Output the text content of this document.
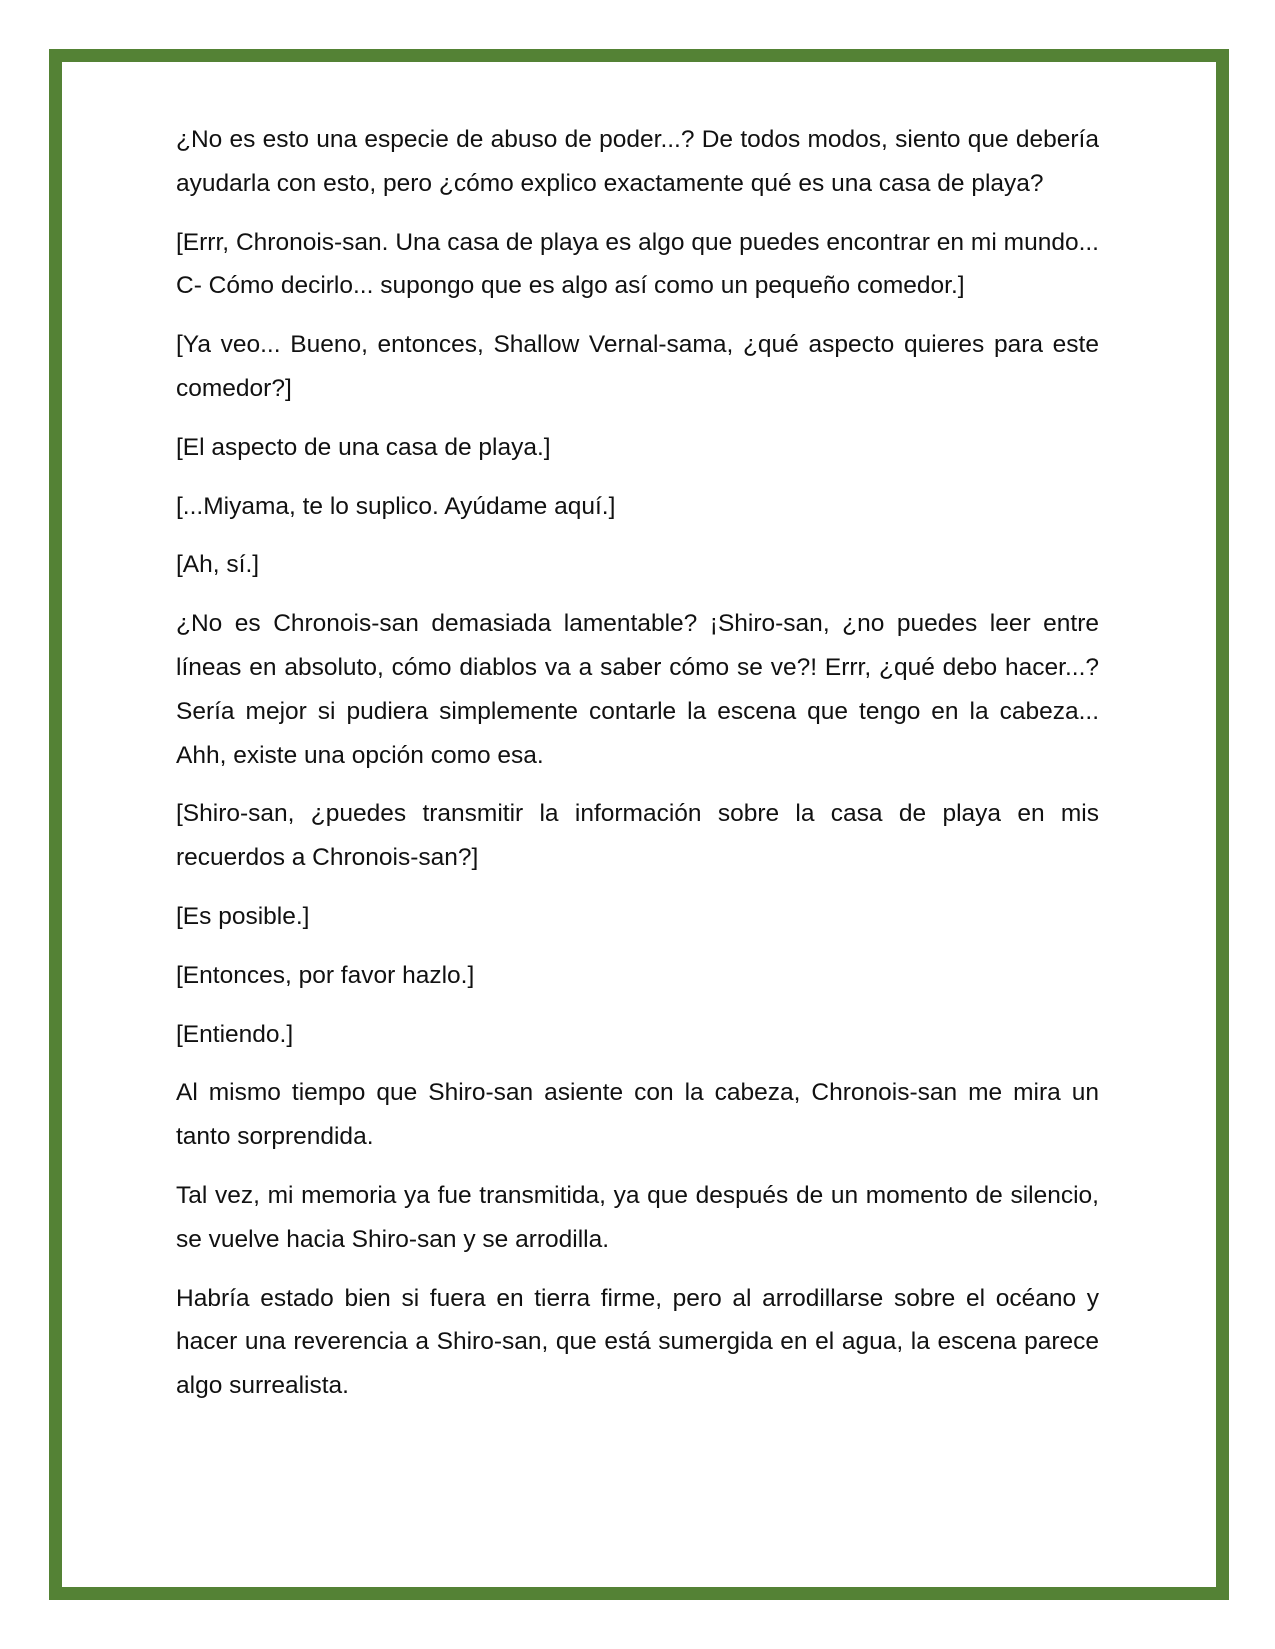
¿No es esto una especie de abuso de poder...? De todos modos, siento que debería ayudarla con esto, pero ¿cómo explico exactamente qué es una casa de playa?

[Errr, Chronois-san. Una casa de playa es algo que puedes encontrar en mi mundo... C- Cómo decirlo... supongo que es algo así como un pequeño comedor.]

[Ya veo... Bueno, entonces, Shallow Vernal-sama, ¿qué aspecto quieres para este comedor?]

[El aspecto de una casa de playa.]

[...Miyama, te lo suplico. Ayúdame aquí.]

[Ah, sí.]

¿No es Chronois-san demasiada lamentable? ¡Shiro-san, ¿no puedes leer entre líneas en absoluto, cómo diablos va a saber cómo se ve?! Errr, ¿qué debo hacer...? Sería mejor si pudiera simplemente contarle la escena que tengo en la cabeza... Ahh, existe una opción como esa.

[Shiro-san, ¿puedes transmitir la información sobre la casa de playa en mis recuerdos a Chronois-san?]

[Es posible.]

[Entonces, por favor hazlo.]

[Entiendo.]

Al mismo tiempo que Shiro-san asiente con la cabeza, Chronois-san me mira un tanto sorprendida.

Tal vez, mi memoria ya fue transmitida, ya que después de un momento de silencio, se vuelve hacia Shiro-san y se arrodilla.

Habría estado bien si fuera en tierra firme, pero al arrodillarse sobre el océano y hacer una reverencia a Shiro-san, que está sumergida en el agua, la escena parece algo surrealista.
